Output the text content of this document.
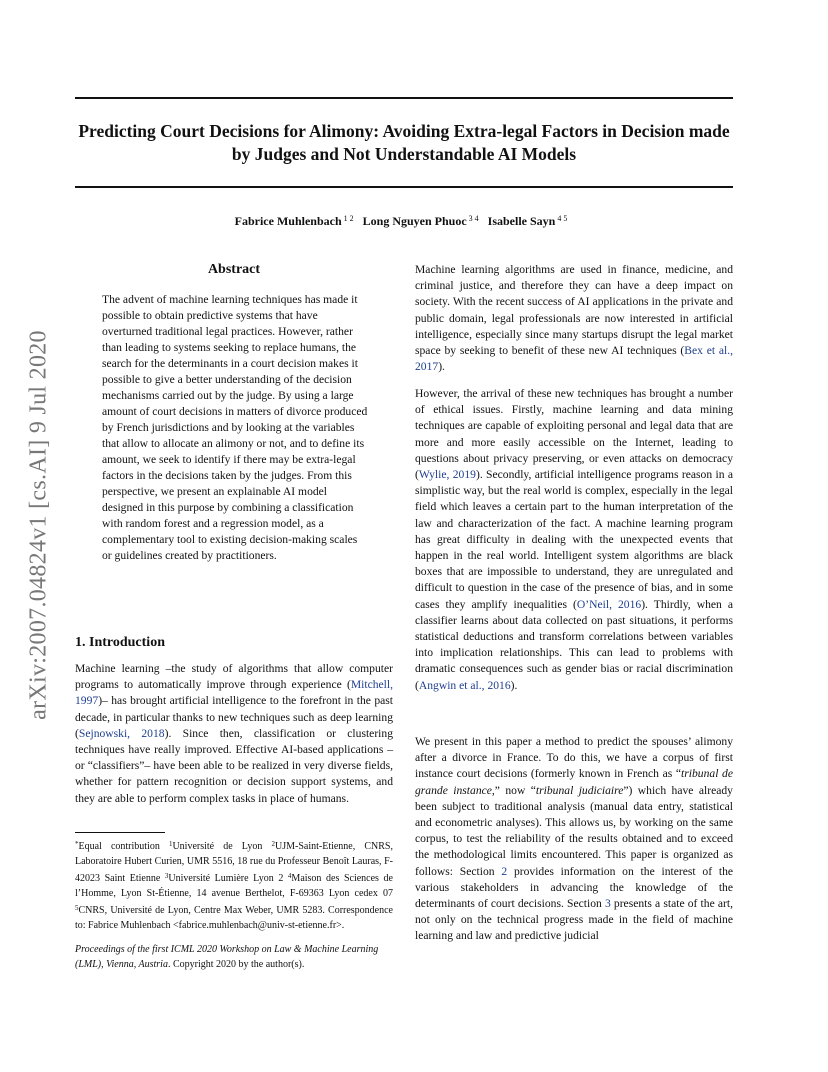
Predicting Court Decisions for Alimony: Avoiding Extra-legal Factors in Decision made by Judges and Not Understandable AI Models
Fabrice Muhlenbach $^{1 2}$ Long Nguyen Phuoc $^{3 4}$ Isabelle Sayn $^{4 5}$
arXiv:2007.04824v1 [cs.AI] 9 Jul 2020
Abstract

The advent of machine learning techniques has made it possible to obtain predictive systems that have overturned traditional legal practices. However, rather than leading to systems seeking to replace humans, the search for the determinants in a court decision makes it possible to give a better understanding of the decision mechanisms carried out by the judge. By using a large amount of court decisions in matters of divorce produced by French jurisdictions and by looking at the variables that allow to allocate an alimony or not, and to define its amount, we seek to identify if there may be extra-legal factors in the decisions taken by the judges. From this perspective, we present an explainable AI model designed in this purpose by combining a classification with random forest and a regression model, as a complementary tool to existing decision-making scales or guidelines created by practitioners.

1. Introduction

Machine learning –the study of algorithms that allow computer programs to automatically improve through experience (Mitchell, 1997)– has brought artificial intelligence to the forefront in the past decade, in particular thanks to new techniques such as deep learning (Sejnowski, 2018). Since then, classification or clustering techniques have really improved. Effective AI-based applications –or “classifiers”– have been able to be realized in very diverse fields, whether for pattern recognition or decision support systems, and they are able to perform complex tasks in place of humans.

*Equal contribution $^1$Université de Lyon $^2$UJM-Saint-Etienne, CNRS, Laboratoire Hubert Curien, UMR 5516, 18 rue du Professeur Benoît Lauras, F-42023 Saint Etienne $^3$Université Lumière Lyon 2 $^4$Maison des Sciences de l’Homme, Lyon St-Étienne, 14 avenue Berthelot, F-69363 Lyon cedex 07 $^5$CNRS, Université de Lyon, Centre Max Weber, UMR 5283. Correspondence to: Fabrice Muhlenbach <fabrice.muhlenbach@univ-st-etienne.fr>.

Proceedings of the first ICML 2020 Workshop on Law & Machine Learning (LML), Vienna, Austria. Copyright 2020 by the author(s).

Machine learning algorithms are used in finance, medicine, and criminal justice, and therefore they can have a deep impact on society. With the recent success of AI applications in the private and public domain, legal professionals are now interested in artificial intelligence, especially since many startups disrupt the legal market space by seeking to benefit of these new AI techniques (Bex et al., 2017).

However, the arrival of these new techniques has brought a number of ethical issues. Firstly, machine learning and data mining techniques are capable of exploiting personal and legal data that are more and more easily accessible on the Internet, leading to questions about privacy preserving, or even attacks on democracy (Wylie, 2019). Secondly, artificial intelligence programs reason in a simplistic way, but the real world is complex, especially in the legal field which leaves a certain part to the human interpretation of the law and characterization of the fact. A machine learning program has great difficulty in dealing with the unexpected events that happen in the real world. Intelligent system algorithms are black boxes that are impossible to understand, they are unregulated and difficult to question in the case of the presence of bias, and in some cases they amplify inequalities (O’Neil, 2016). Thirdly, when a classifier learns about data collected on past situations, it performs statistical deductions and transform correlations between variables into implication relationships. This can lead to problems with dramatic consequences such as gender bias or racial discrimination (Angwin et al., 2016).

We present in this paper a method to predict the spouses’ alimony after a divorce in France. To do this, we have a corpus of first instance court decisions (formerly known in French as “tribunal de grande instance,” now “tribunal judiciaire”) which have already been subject to traditional analysis (manual data entry, statistical and econometric analyses). This allows us, by working on the same corpus, to test the reliability of the results obtained and to exceed the methodological limits encountered. This paper is organized as follows: Section 2 provides information on the interest of the various stakeholders in advancing the knowledge of the determinants of court decisions. Section 3 presents a state of the art, not only on the technical progress made in the field of machine learning and law and predictive judicial
